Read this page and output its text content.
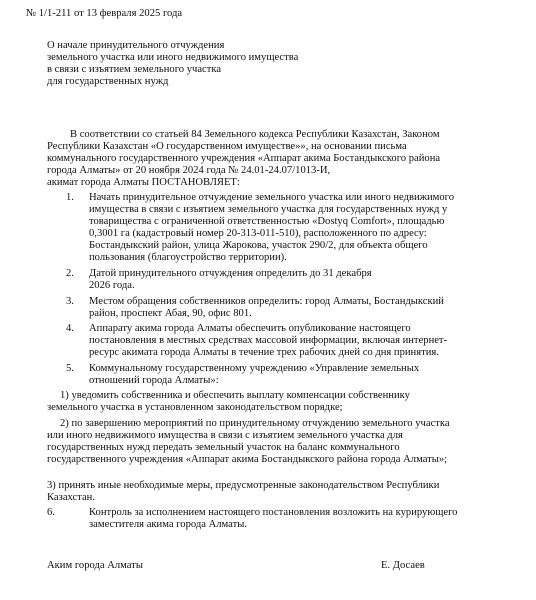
№ 1/1-211 от 13 февраля 2025 года
О начале принудительного отчуждения
земельного участка или иного недвижимого имущества
в связи с изъятием земельного участка
для государственных нужд
В соответствии со статьей 84 Земельного кодекса Республики Казахстан, Законом
Республики Казахстан «О государственном имуществе»», на основании письма
коммунального государственного учреждения «Аппарат акима Бостандыкского района
города Алматы» от 20 ноября 2024 года № 24.01-24.07/1013-И,
акимат города Алматы ПОСТАНОВЛЯЕТ:
1. Начать принудительное отчуждение земельного участка или иного недвижимого
имущества в связи с изъятием земельного участка для государственных нужд у
товарищества с ограниченной ответственностью «Dostyq Comfort», площадью
0,3001 га (кадастровый номер 20-313-011-510), расположенного по адресу:
Бостандыкский район, улица Жарокова, участок 290/2, для объекта общего
пользования (благоустройство территории).
2. Датой принудительного отчуждения определить до 31 декабря
2026 года.
3. Местом обращения собственников определить: город Алматы, Бостандыкский
район, проспект Абая, 90, офис 801.
4. Аппарату акима города Алматы обеспечить опубликование настоящего
постановления в местных средствах массовой информации, включая интернет-
ресурс акимата города Алматы в течение трех рабочих дней со дня принятия.
5. Коммунальному государственному учреждению «Управление земельных
отношений города Алматы»:
1) уведомить собственника и обеспечить выплату компенсации собственнику
земельного участка в установленном законодательством порядке;
2) по завершению мероприятий по принудительному отчуждению земельного участка
или иного недвижимого имущества в связи с изъятием земельного участка для
государственных нужд передать земельный участок на баланс коммунального
государственного учреждения «Аппарат акима Бостандыкского района города Алматы»;
3) принять иные необходимые меры, предусмотренные законодательством Республики
Казахстан.
6.	Контроль за исполнением настоящего постановления возложить на курирующего
заместителя акима города Алматы.
Аким города Алматы	Е. Досаев
